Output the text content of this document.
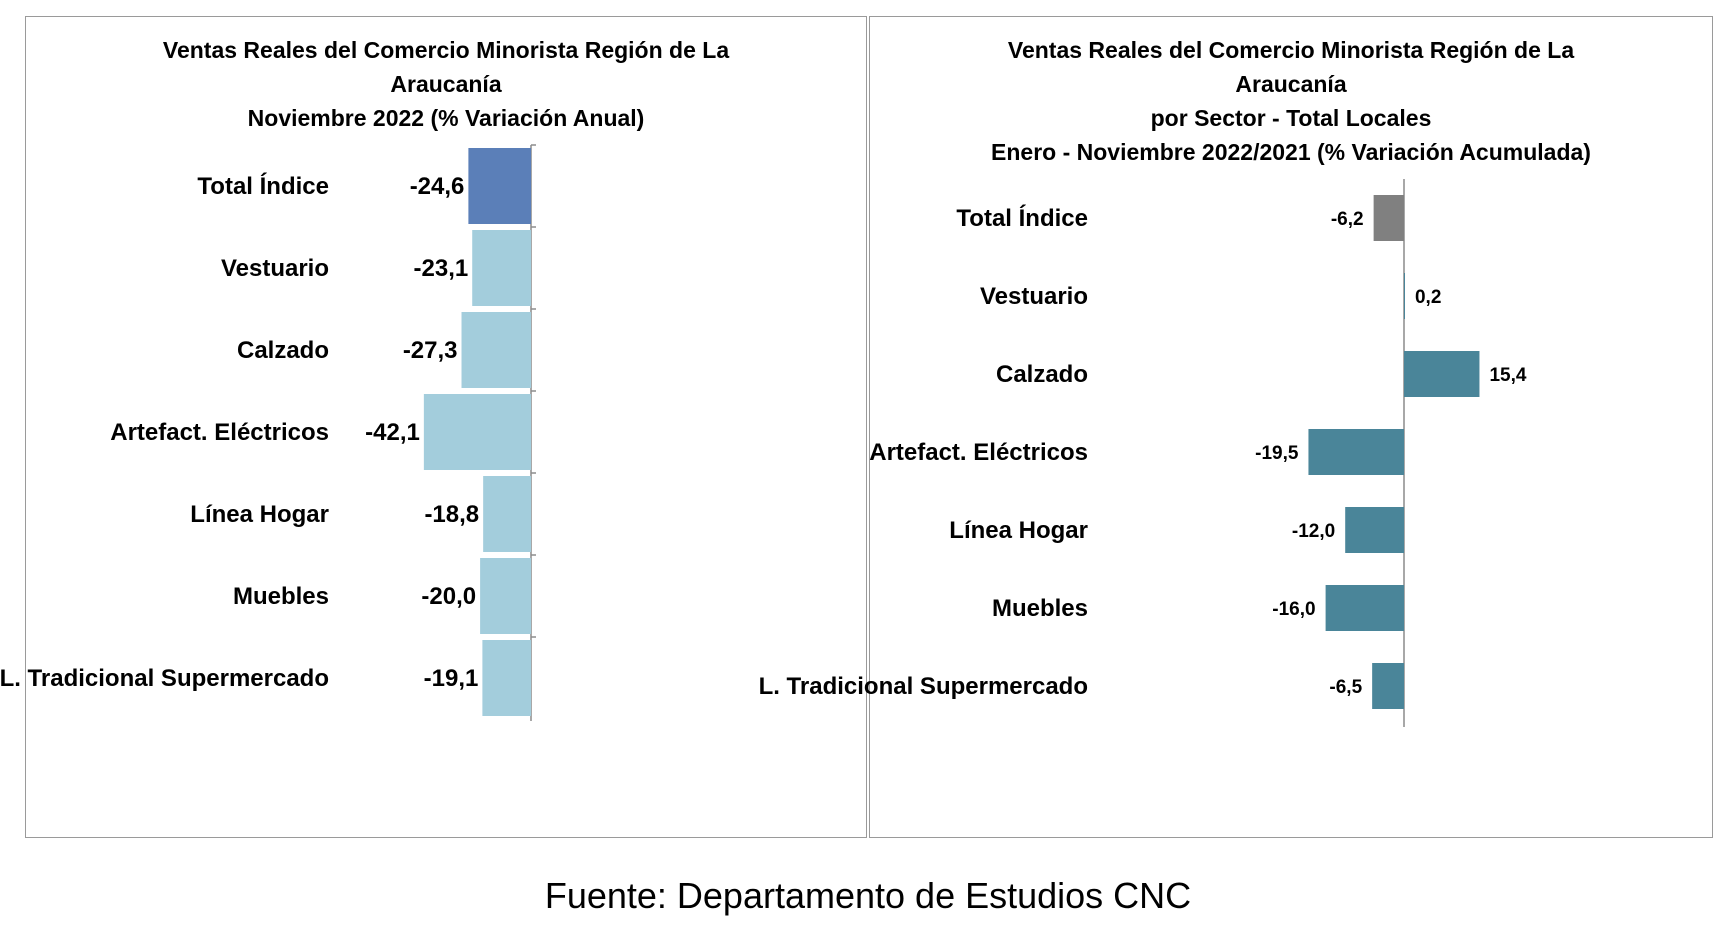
Ventas Reales del Comercio Minorista Región de La
Araucanía
Noviembre 2022 (% Variación Anual)
Total Índice	-24,6
Vestuario	-23,1
Calzado	-27,3
Artefact. Eléctricos -42,1
Línea Hogar	-18,8
Muebles	-20,0
L. Tradicional Supermercado	-19,1
Ventas Reales del Comercio Minorista Región de La
Araucanía
por Sector - Total Locales
Enero - Noviembre 2022/2021 (% Variación Acumulada)
Total Índice	-6,2
Vestuario	0,2
Calzado	15,4
Artefact. Eléctricos	-19,5
Línea Hogar	-12,0
Muebles	-16,0
L. Tradicional Supermercado	-6,5
Fuente: Departamento de Estudios CNC
